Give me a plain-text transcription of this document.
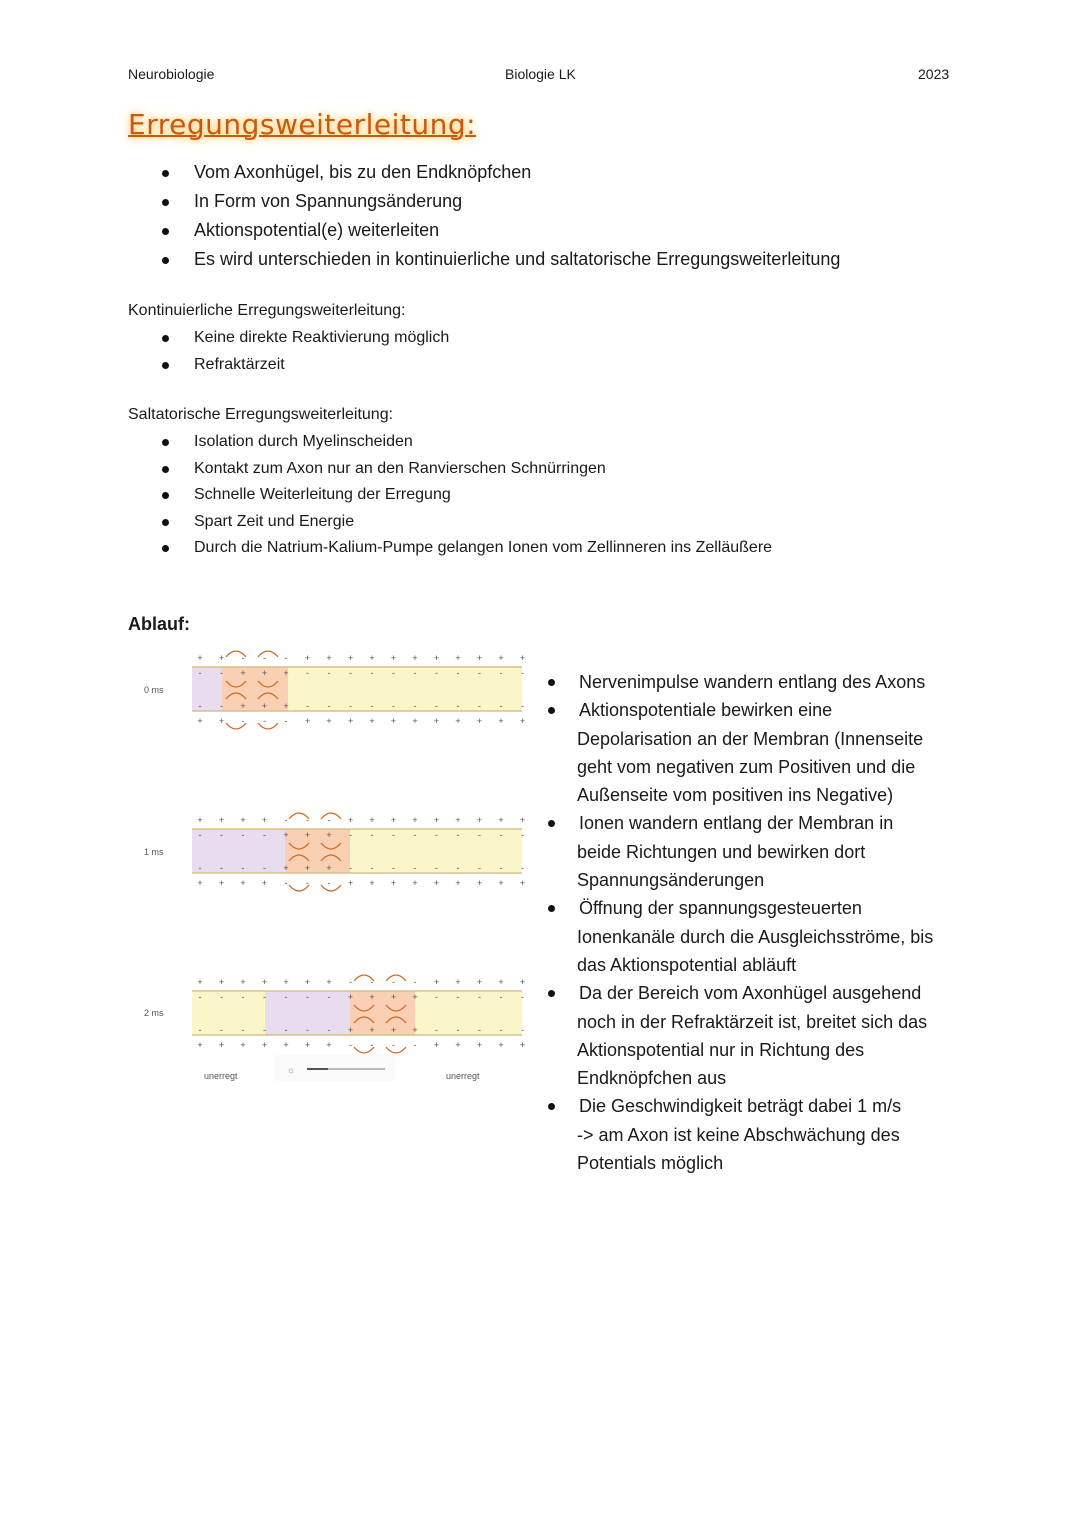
Neurobiologie	Biologie LK	2023
Erregungsweiterleitung:
Vom Axonhügel, bis zu den Endknöpfchen
In Form von Spannungsänderung
Aktionspotential(e) weiterleiten
Es wird unterschieden in kontinuierliche und saltatorische Erregungsweiterleitung
Kontinuierliche Erregungsweiterleitung:
Keine direkte Reaktivierung möglich
Refraktärzeit
Saltatorische Erregungsweiterleitung:
Isolation durch Myelinscheiden
Kontakt zum Axon nur an den Ranvierschen Schnürringen
Schnelle Weiterleitung der Erregung
Spart Zeit und Energie
Durch die Natrium-Kalium-Pumpe gelangen Ionen vom Zellinneren ins Zelläußere
Ablauf:
0 ms
1 ms
2 ms
unerregt	unerregt
+
-
-
+
+
-
-
+
-
+
+
-
-
+
+
-
-
+
+
-
+
-
-
+
+
-
-
+
+
-
-
+
+
-
-
+
+
-
-
+
+
-
-
+
+
-
-
+
+
-
-
+
+
-
-
+
+
-
-
+
+
-
-
+
+
-
-
+
+
-
-
+
+
-
-
+
+
-
-
+
-
+
+
-
-
+
+
-
-
+
+
-
+
-
-
+
+
-
-
+
+
-
-
+
+
-
-
+
+
-
-
+
+
-
-
+
+
-
-
+
+
-
-
+
+
-
-
+
+
-
-
+
+
-
-
+
+
-
-
+
+
-
-
+
+
-
-
+
+
-
-
+
+
-
-
+
-
+
+
-
-
+
+
-
-
+
+
-
-
+
+
-
+
-
-
+
+
-
-
+
+
-
-
+
+
-
-
+
+
-
-
+
☼
Nervenimpulse wandern entlang des Axons
Aktionspotentiale bewirken eine
Depolarisation an der Membran (Innenseite
geht vom negativen zum Positiven und die
Außenseite vom positiven ins Negative)
Ionen wandern entlang der Membran in
beide Richtungen und bewirken dort
Spannungsänderungen
Öffnung der spannungsgesteuerten
Ionenkanäle durch die Ausgleichsströme, bis
das Aktionspotential abläuft
Da der Bereich vom Axonhügel ausgehend
noch in der Refraktärzeit ist, breitet sich das
Aktionspotential nur in Richtung des
Endknöpfchen aus
Die Geschwindigkeit beträgt dabei 1 m/s
-> am Axon ist keine Abschwächung des
Potentials möglich
